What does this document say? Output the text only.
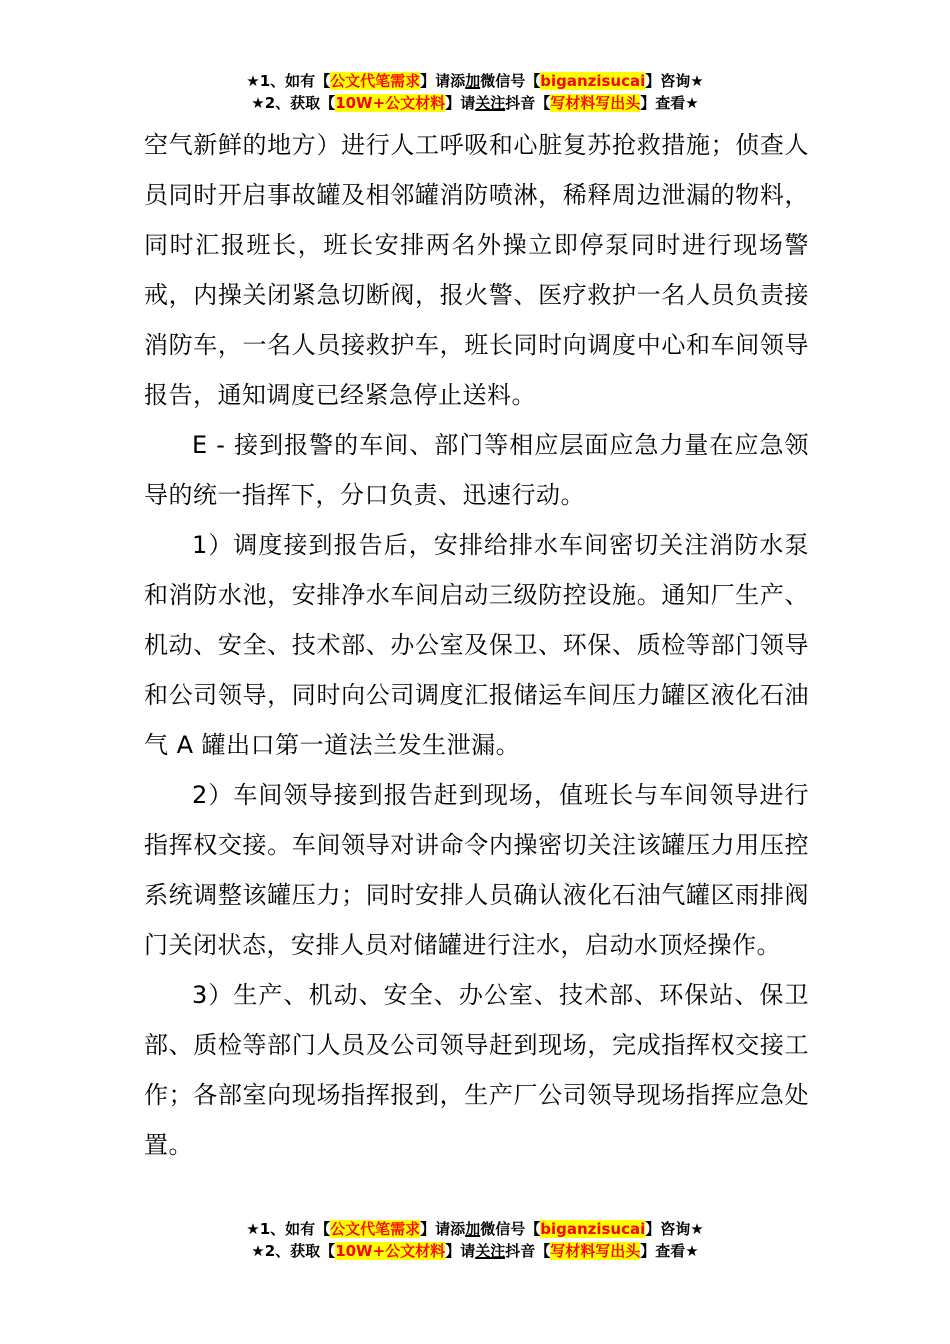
★1、如有【公文代笔需求】请添加微信号【biganzisucai】咨询★
★2、获取【10W+公文材料】请关注抖音【写材料写出头】查看★

空气新鲜的地方）进行人工呼吸和心脏复苏抢救措施；侦查人员同时开启事故罐及相邻罐消防喷淋，稀释周边泄漏的物料，同时汇报班长，班长安排两名外操立即停泵同时进行现场警戒，内操关闭紧急切断阀，报火警、医疗救护一名人员负责接消防车，一名人员接救护车，班长同时向调度中心和车间领导报告，通知调度已经紧急停止送料。

E - 接到报警的车间、部门等相应层面应急力量在应急领导的统一指挥下，分口负责、迅速行动。

1）调度接到报告后，安排给排水车间密切关注消防水泵和消防水池，安排净水车间启动三级防控设施。通知厂生产、机动、安全、技术部、办公室及保卫、环保、质检等部门领导和公司领导，同时向公司调度汇报储运车间压力罐区液化石油气 A 罐出口第一道法兰发生泄漏。

2）车间领导接到报告赶到现场，值班长与车间领导进行指挥权交接。车间领导对讲命令内操密切关注该罐压力用压控系统调整该罐压力；同时安排人员确认液化石油气罐区雨排阀门关闭状态，安排人员对储罐进行注水，启动水顶烃操作。

3）生产、机动、安全、办公室、技术部、环保站、保卫部、质检等部门人员及公司领导赶到现场，完成指挥权交接工作；各部室向现场指挥报到，生产厂公司领导现场指挥应急处置。

★1、如有【公文代笔需求】请添加微信号【biganzisucai】咨询★
★2、获取【10W+公文材料】请关注抖音【写材料写出头】查看★
